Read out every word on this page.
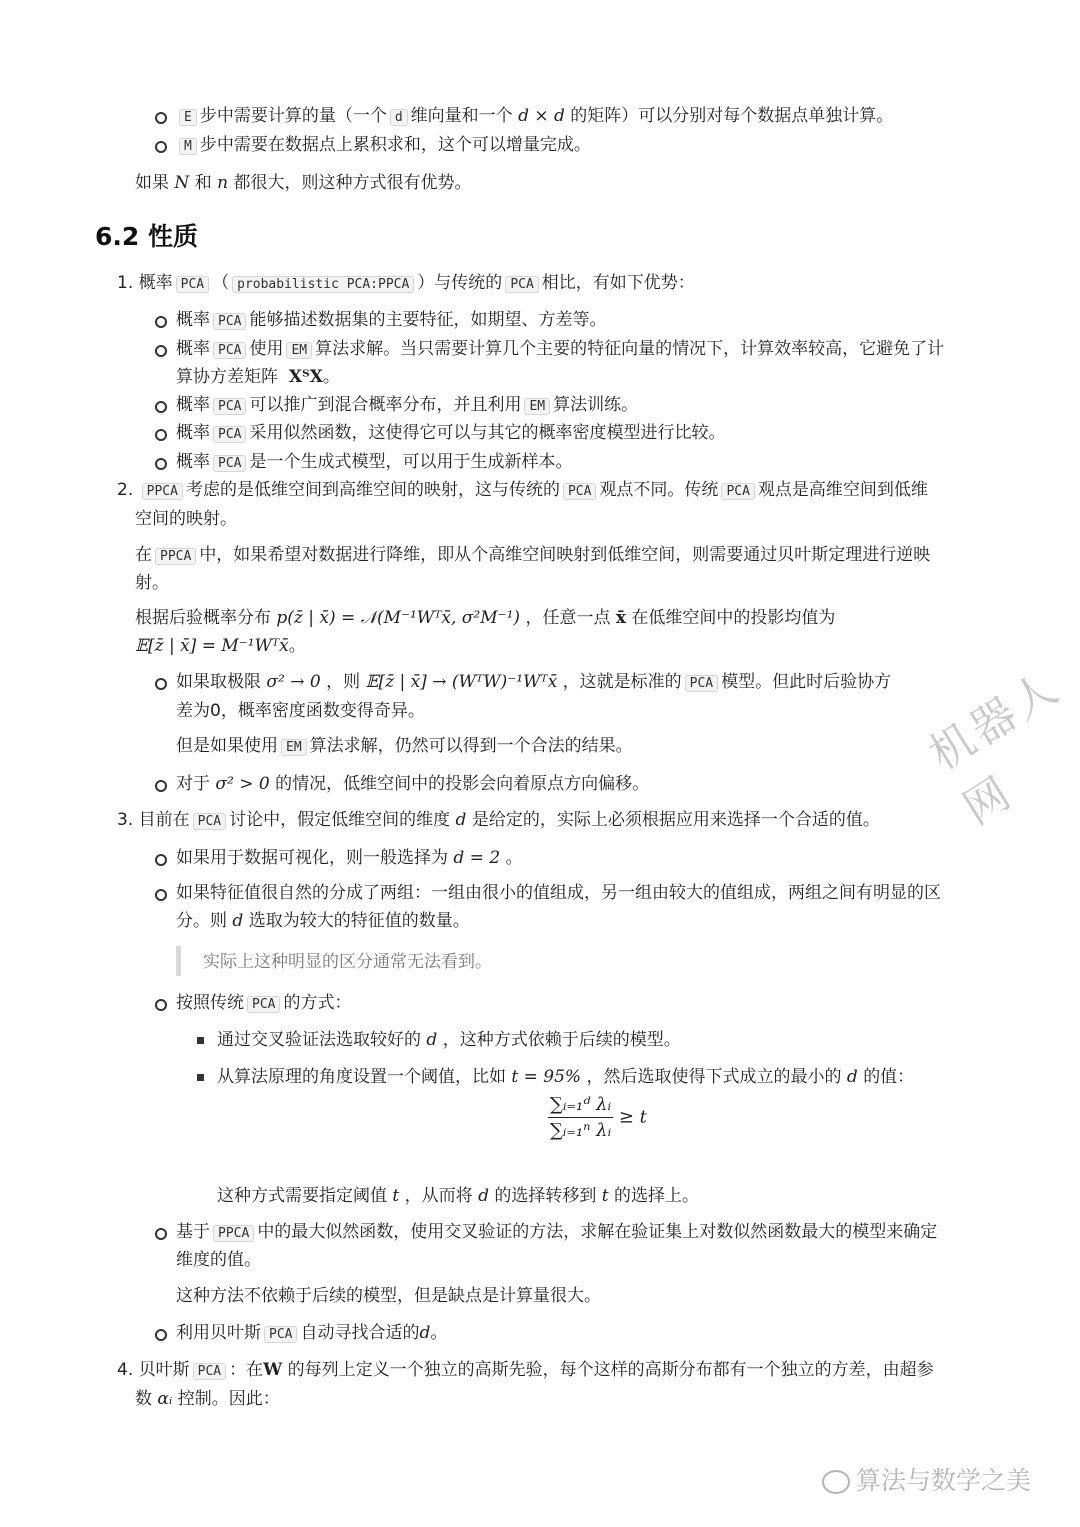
E 步中需要计算的量（一个 d 维向量和一个 d × d 的矩阵）可以分别对每个数据点单独计算。
M 步中需要在数据点上累积求和，这个可以增量完成。
如果 N 和 n 都很大，则这种方式很有优势。
6.2 性质
1. 概率 PCA （ probabilistic PCA:PPCA ）与传统的 PCA 相比，有如下优势：
概率 PCA 能够描述数据集的主要特征，如期望、方差等。
概率 PCA 使用 EM 算法求解。当只需要计算几个主要的特征向量的情况下，计算效率较高，它避免了计
算协方差矩阵 XᵀX。
概率 PCA 可以推广到混合概率分布，并且利用 EM 算法训练。
概率 PCA 采用似然函数，这使得它可以与其它的概率密度模型进行比较。
概率 PCA 是一个生成式模型，可以用于生成新样本。
2. PPCA 考虑的是低维空间到高维空间的映射，这与传统的 PCA 观点不同。传统 PCA 观点是高维空间到低维
空间的映射。
在 PPCA 中，如果希望对数据进行降维，即从个高维空间映射到低维空间，则需要通过贝叶斯定理进行逆映
射。
根据后验概率分布 p(z̄ | x̄) = 𝒩(M⁻¹Wᵀx̄, σ²M⁻¹) ，任意一点 x̄ 在低维空间中的投影均值为
𝔼[z̄ | x̄] = M⁻¹Wᵀx̄。
如果取极限 σ² → 0 ，则 𝔼[z̄ | x̄] → (WᵀW)⁻¹Wᵀx̄ ，这就是标准的 PCA 模型。但此时后验协方
差为0，概率密度函数变得奇异。
但是如果使用 EM 算法求解，仍然可以得到一个合法的结果。
对于 σ² > 0 的情况，低维空间中的投影会向着原点方向偏移。
3. 目前在 PCA 讨论中，假定低维空间的维度 d 是给定的，实际上必须根据应用来选择一个合适的值。
如果用于数据可视化，则一般选择为 d = 2 。
如果特征值很自然的分成了两组：一组由很小的值组成，另一组由较大的值组成，两组之间有明显的区
分。则 d 选取为较大的特征值的数量。
实际上这种明显的区分通常无法看到。
按照传统 PCA 的方式：
通过交叉验证法选取较好的 d ，这种方式依赖于后续的模型。
从算法原理的角度设置一个阈值，比如 t = 95% ，然后选取使得下式成立的最小的 d 的值：
$\frac{\text{∑ᵢ₌₁ᵈ λᵢ}}{\text{∑ᵢ₌₁ⁿ λᵢ}} \ge t$
这种方式需要指定阈值 t ，从而将 d 的选择转移到 t 的选择上。
基于 PPCA 中的最大似然函数，使用交叉验证的方法，求解在验证集上对数似然函数最大的模型来确定
维度的值。
这种方法不依赖于后续的模型，但是缺点是计算量很大。
利用贝叶斯 PCA 自动寻找合适的d。
4. 贝叶斯 PCA ：在W 的每列上定义一个独立的高斯先验，每个这样的高斯分布都有一个独立的方差，由超参
数 αᵢ 控制。因此：
机器人网
算法与数学之美
